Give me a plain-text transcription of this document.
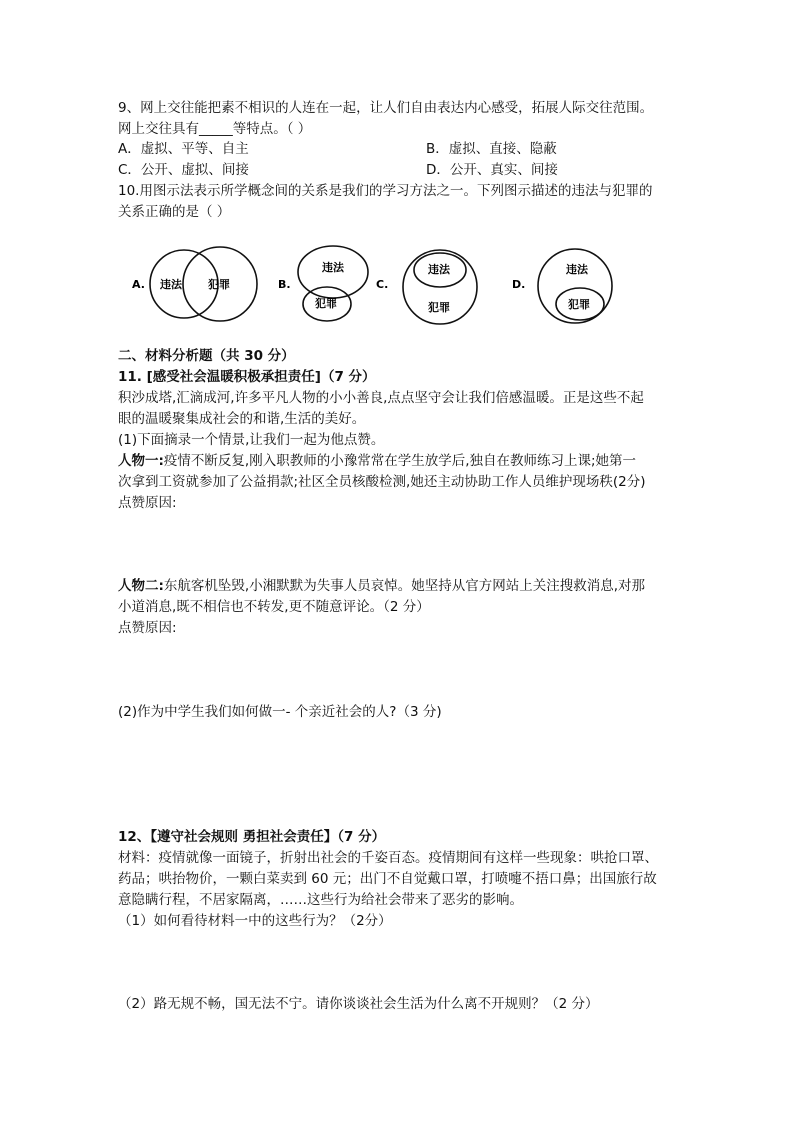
9、网上交往能把素不相识的人连在一起，让人们自由表达内心感受，拓展人际交往范围。
网上交往具有_____等特点。（ ）
A．虚拟、平等、自主	B．虚拟、直接、隐蔽
C．公开、虚拟、间接	D．公开、真实、间接
10.用图示法表示所学概念间的关系是我们的学习方法之一。下列图示描述的违法与犯罪的
关系正确的是（ ）
A. 违法 犯罪	B.
违法
犯罪
C.
违法
犯罪
D.
违法
犯罪
二、材料分析题（共 30 分）
11. [感受社会温暖积极承担责任]（7 分）
积沙成塔,汇滴成河,许多平凡人物的小小善良,点点坚守会让我们倍感温暖。正是这些不起
眼的温暖聚集成社会的和谐,生活的美好。
(1)下面摘录一个情景,让我们一起为他点赞。
人物一:疫情不断反复,刚入职教师的小豫常常在学生放学后,独自在教师练习上课;她第一
次拿到工资就参加了公益捐款;社区全员核酸检测,她还主动协助工作人员维护现场秩(2分)
点赞原因:
人物二:东航客机坠毁,小湘默默为失事人员哀悼。她坚持从官方网站上关注搜救消息,对那
小道消息,既不相信也不转发,更不随意评论。（2 分）
点赞原因:
(2)作为中学生我们如何做一- 个亲近社会的人?（3 分)
12、【遵守社会规则 勇担社会责任】（7 分）
材料：疫情就像一面镜子，折射出社会的千姿百态。疫情期间有这样一些现象：哄抢口罩、
药品；哄抬物价，一颗白菜卖到 60 元；出门不自觉戴口罩，打喷嚏不捂口鼻；出国旅行故
意隐瞒行程，不居家隔离，……这些行为给社会带来了恶劣的影响。
（1）如何看待材料一中的这些行为？（2分）
（2）路无规不畅，国无法不宁。请你谈谈社会生活为什么离不开规则？（2 分）
